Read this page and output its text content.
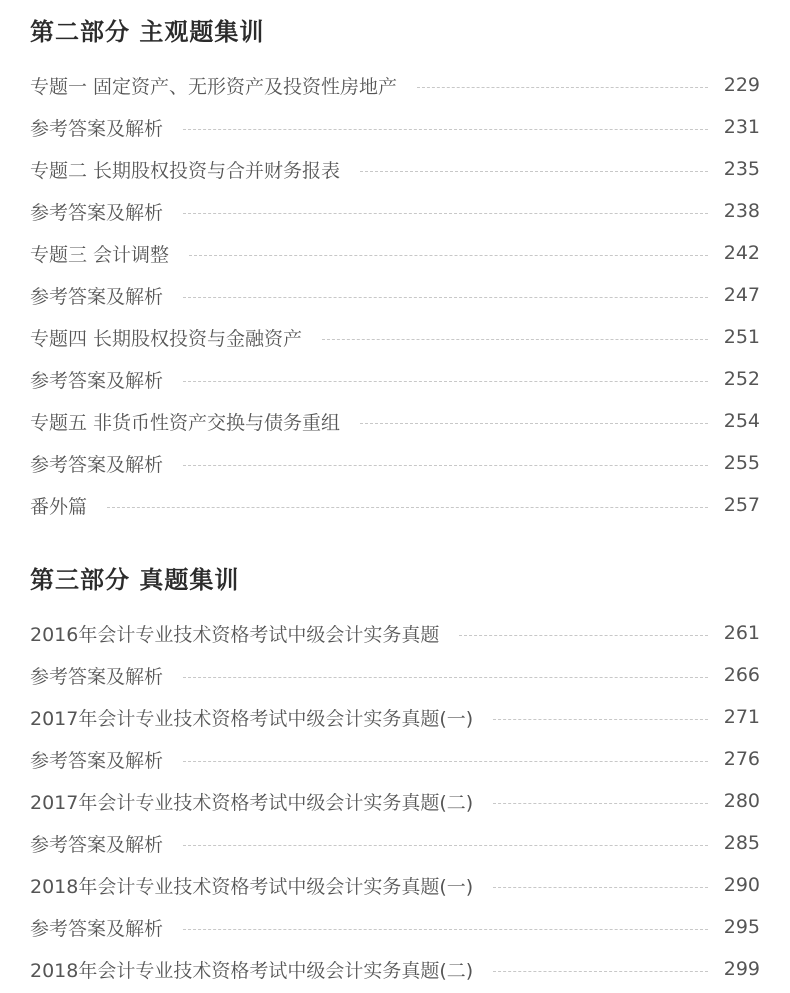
第二部分 主观题集训
专题一 固定资产、无形资产及投资性房地产	229
参考答案及解析	231
专题二 长期股权投资与合并财务报表	235
参考答案及解析	238
专题三 会计调整	242
参考答案及解析	247
专题四 长期股权投资与金融资产	251
参考答案及解析	252
专题五 非货币性资产交换与债务重组	254
参考答案及解析	255
番外篇	257
第三部分 真题集训
2016年会计专业技术资格考试中级会计实务真题	261
参考答案及解析	266
2017年会计专业技术资格考试中级会计实务真题(一)	271
参考答案及解析	276
2017年会计专业技术资格考试中级会计实务真题(二)	280
参考答案及解析	285
2018年会计专业技术资格考试中级会计实务真题(一)	290
参考答案及解析	295
2018年会计专业技术资格考试中级会计实务真题(二)	299
